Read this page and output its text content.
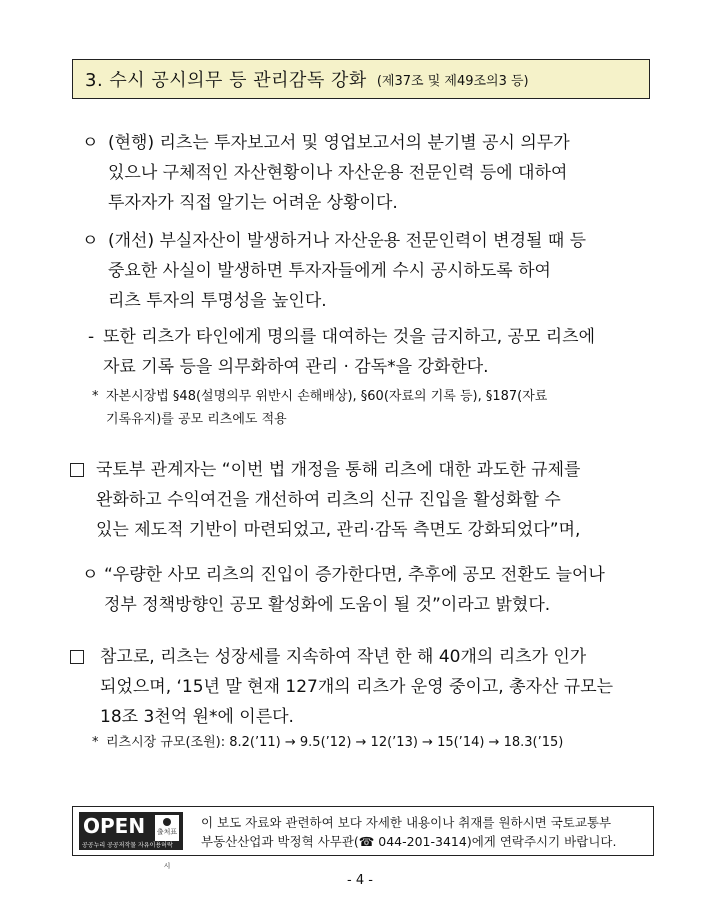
3. 수시 공시의무 등 관리감독 강화 (제37조 및 제49조의3 등)
ㅇ (현행) 리츠는 투자보고서 및 영업보고서의 분기별 공시 의무가
있으나 구체적인 자산현황이나 자산운용 전문인력 등에 대하여
투자자가 직접 알기는 어려운 상황이다.
ㅇ (개선) 부실자산이 발생하거나 자산운용 전문인력이 변경될 때 등
중요한 사실이 발생하면 투자자들에게 수시 공시하도록 하여
리츠 투자의 투명성을 높인다.
- 또한 리츠가 타인에게 명의를 대여하는 것을 금지하고, 공모 리츠에
자료 기록 등을 의무화하여 관리 · 감독*을 강화한다.
* 자본시장법 §48(설명의무 위반시 손해배상), §60(자료의 기록 등), §187(자료
기록유지)를 공모 리츠에도 적용
국토부 관계자는 “이번 법 개정을 통해 리츠에 대한 과도한 규제를
완화하고 수익여건을 개선하여 리츠의 신규 진입을 활성화할 수
있는 제도적 기반이 마련되었고, 관리·감독 측면도 강화되었다”며,
ㅇ “우량한 사모 리츠의 진입이 증가한다면, 추후에 공모 전환도 늘어나
정부 정책방향인 공모 활성화에 도움이 될 것”이라고 밝혔다.
참고로, 리츠는 성장세를 지속하여 작년 한 해 40개의 리츠가 인가
되었으며, ‘15년 말 현재 127개의 리츠가 운영 중이고, 총자산 규모는
18조 3천억 원*에 이른다.
* 리츠시장 규모(조원): 8.2(’11) → 9.5(’12) → 12(’13) → 15(’14) → 18.3(’15)
OPEN 출처표시
공공누리 공공저작물 자유이용허락
이 보도 자료와 관련하여 보다 자세한 내용이나 취재를 원하시면 국토교통부
부동산산업과 박정혁 사무관(☎ 044-201-3414)에게 연락주시기 바랍니다.
- 4 -
